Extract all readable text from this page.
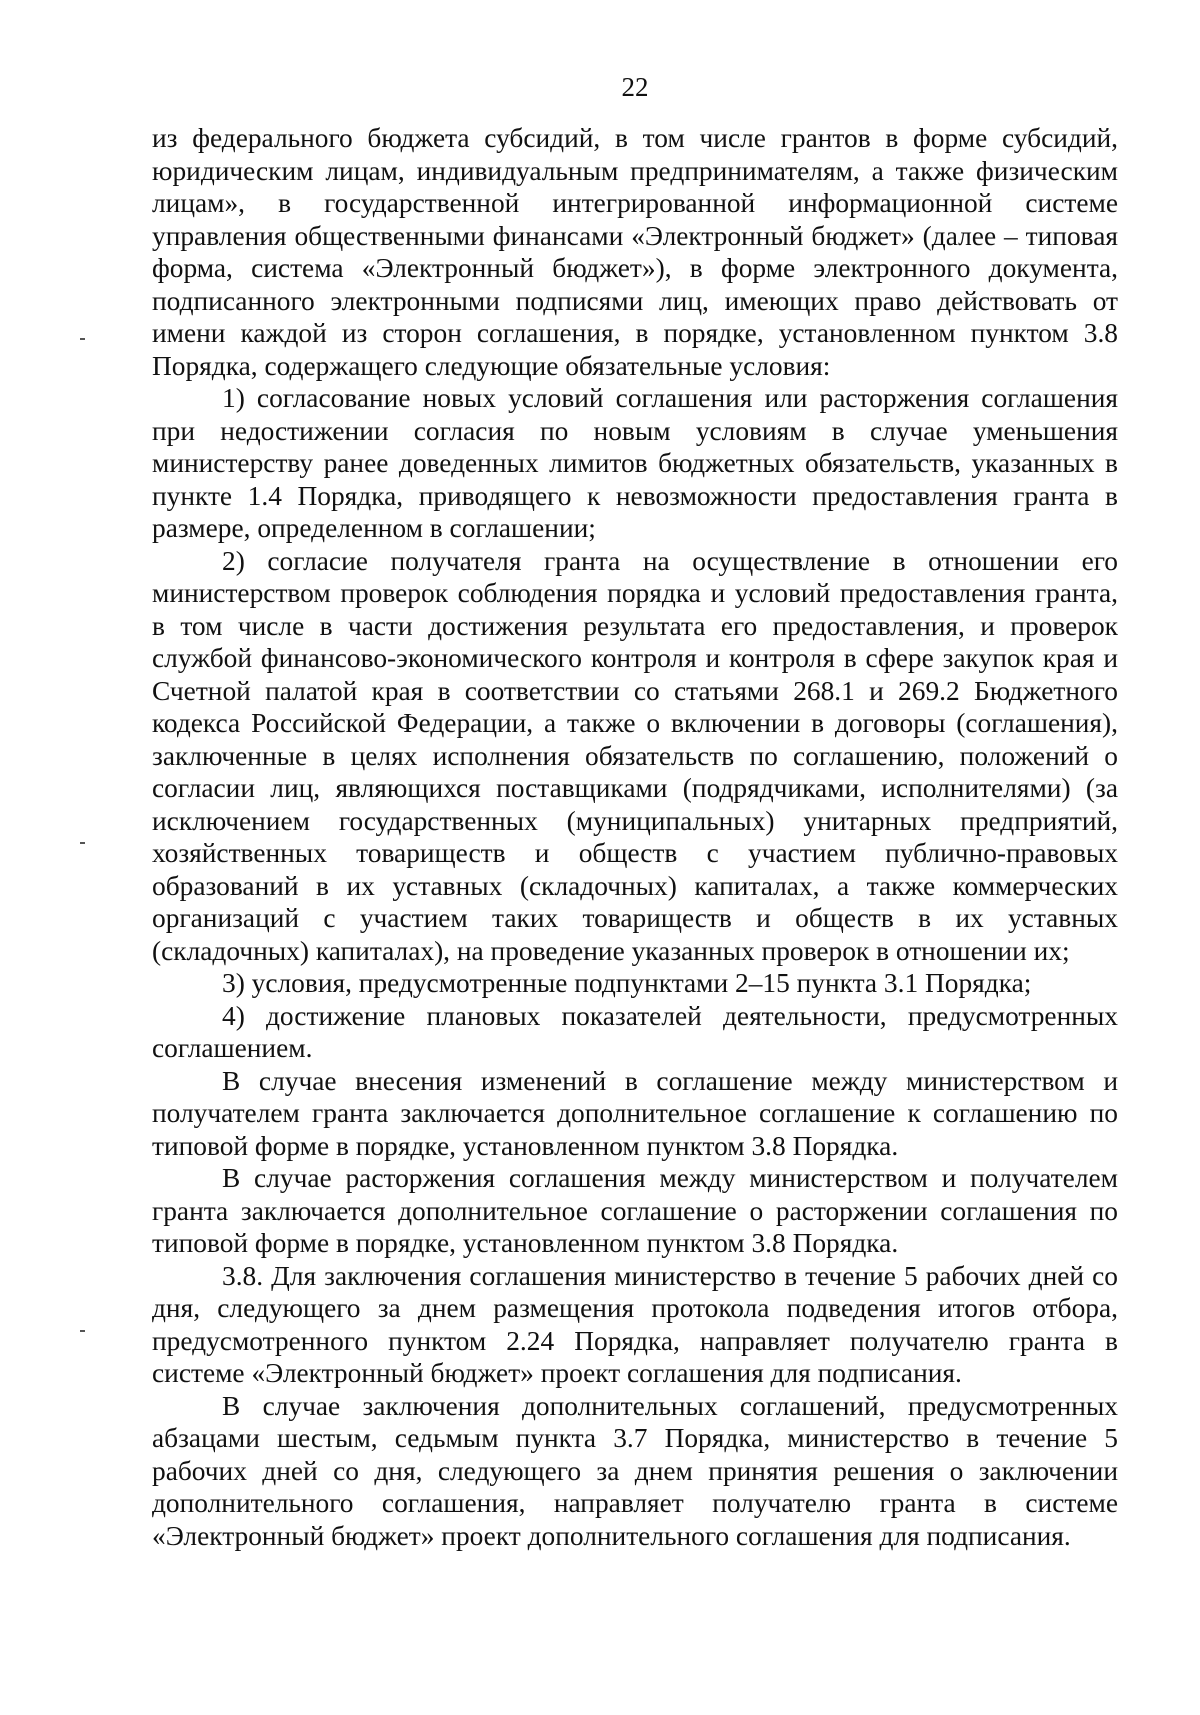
22

из федерального бюджета субсидий, в том числе грантов в форме субсидий, юридическим лицам, индивидуальным предпринимателям, а также физическим лицам», в государственной интегрированной информационной системе управления общественными финансами «Электронный бюджет» (далее – типовая форма, система «Электронный бюджет»), в форме электронного документа, подписанного электронными подписями лиц, имеющих право действовать от имени каждой из сторон соглашения, в порядке, установленном пунктом 3.8 Порядка, содержащего следующие обязательные условия:

1) согласование новых условий соглашения или расторжения соглашения при недостижении согласия по новым условиям в случае уменьшения министерству ранее доведенных лимитов бюджетных обязательств, указанных в пункте 1.4 Порядка, приводящего к невозможности предоставления гранта в размере, определенном в соглашении;

2) согласие получателя гранта на осуществление в отношении его министерством проверок соблюдения порядка и условий предоставления гранта, в том числе в части достижения результата его предоставления, и проверок службой финансово-экономического контроля и контроля в сфере закупок края и Счетной палатой края в соответствии со статьями 268.1 и 269.2 Бюджетного кодекса Российской Федерации, а также о включении в договоры (соглашения), заключенные в целях исполнения обязательств по соглашению, положений о согласии лиц, являющихся поставщиками (подрядчиками, исполнителями) (за исключением государственных (муниципальных) унитарных предприятий, хозяйственных товариществ и обществ с участием публично-правовых образований в их уставных (складочных) капиталах, а также коммерческих организаций с участием таких товариществ и обществ в их уставных (складочных) капиталах), на проведение указанных проверок в отношении их;

3) условия, предусмотренные подпунктами 2–15 пункта 3.1 Порядка;

4) достижение плановых показателей деятельности, предусмотренных соглашением.

В случае внесения изменений в соглашение между министерством и получателем гранта заключается дополнительное соглашение к соглашению по типовой форме в порядке, установленном пунктом 3.8 Порядка.

В случае расторжения соглашения между министерством и получателем гранта заключается дополнительное соглашение о расторжении соглашения по типовой форме в порядке, установленном пунктом 3.8 Порядка.

3.8. Для заключения соглашения министерство в течение 5 рабочих дней со дня, следующего за днем размещения протокола подведения итогов отбора, предусмотренного пунктом 2.24 Порядка, направляет получателю гранта в системе «Электронный бюджет» проект соглашения для подписания.

В случае заключения дополнительных соглашений, предусмотренных абзацами шестым, седьмым пункта 3.7 Порядка, министерство в течение 5 рабочих дней со дня, следующего за днем принятия решения о заключении дополнительного соглашения, направляет получателю гранта в системе «Электронный бюджет» проект дополнительного соглашения для подписания.
